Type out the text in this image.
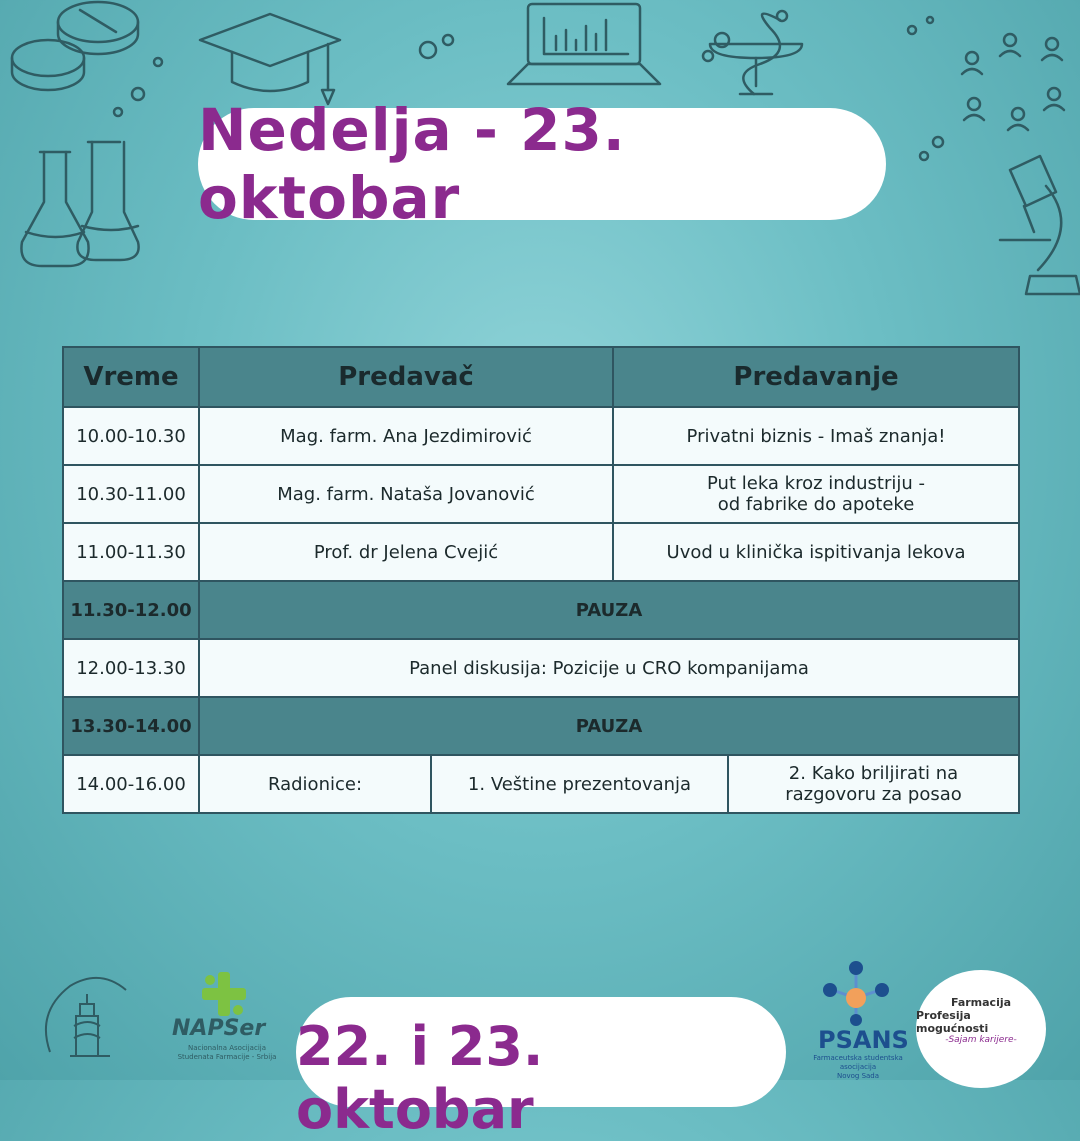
Nedelja - 23. oktobar
Vreme	Predavač		Predavanje	
10.00-10.30	Mag. farm. Ana Jezdimirović		Privatni biznis - Imaš znanja!	
10.30-11.00	Mag. farm. Nataša Jovanović		Put leka kroz industriju -
od fabrike do apoteke	

11.00-11.30	Prof. dr Jelena Cvejić		Uvod u klinička ispitivanja lekova	
11.30-12.00	PAUZA			
12.00-13.30	Panel diskusija: Pozicije u CRO kompanijama			
13.30-14.00	PAUZA			
14.00-16.00	Radionice:	1. Veštine prezentovanja		2. Kako briljirati na
razgovoru za posao
NAPSer
Nacionalna Asocijacija
Studenata Farmacije - Srbija 22. i 23. oktobar
PSANS
Farmaceutska studentska asocijacija
Novog Sada
Farmacija
Profesija mogućnosti
-Sajam karijere-
